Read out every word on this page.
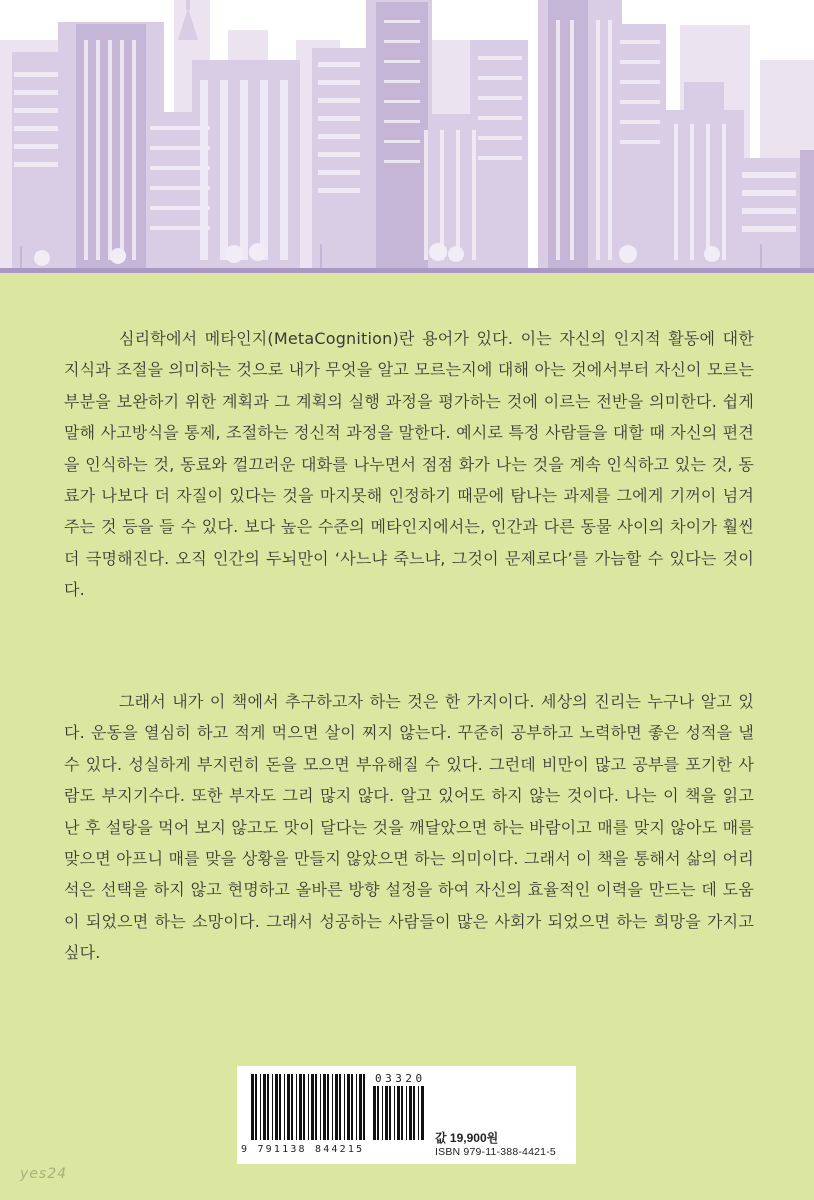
심리학에서 메타인지(MetaCognition)란 용어가 있다. 이는 자신의 인지적 활동에 대한 지식과 조절을 의미하는 것으로 내가 무엇을 알고 모르는지에 대해 아는 것에서부터 자신이 모르는 부분을 보완하기 위한 계획과 그 계획의 실행 과정을 평가하는 것에 이르는 전반을 의미한다. 쉽게 말해 사고방식을 통제, 조절하는 정신적 과정을 말한다. 예시로 특정 사람들을 대할 때 자신의 편견을 인식하는 것, 동료와 껄끄러운 대화를 나누면서 점점 화가 나는 것을 계속 인식하고 있는 것, 동료가 나보다 더 자질이 있다는 것을 마지못해 인정하기 때문에 탐나는 과제를 그에게 기꺼이 넘겨주는 것 등을 들 수 있다. 보다 높은 수준의 메타인지에서는, 인간과 다른 동물 사이의 차이가 훨씬 더 극명해진다. 오직 인간의 두뇌만이 ‘사느냐 죽느냐, 그것이 문제로다’를 가늠할 수 있다는 것이다.

그래서 내가 이 책에서 추구하고자 하는 것은 한 가지이다. 세상의 진리는 누구나 알고 있다. 운동을 열심히 하고 적게 먹으면 살이 찌지 않는다. 꾸준히 공부하고 노력하면 좋은 성적을 낼 수 있다. 성실하게 부지런히 돈을 모으면 부유해질 수 있다. 그런데 비만이 많고 공부를 포기한 사람도 부지기수다. 또한 부자도 그리 많지 않다. 알고 있어도 하지 않는 것이다. 나는 이 책을 읽고 난 후 설탕을 먹어 보지 않고도 맛이 달다는 것을 깨달았으면 하는 바람이고 매를 맞지 않아도 매를 맞으면 아프니 매를 맞을 상황을 만들지 않았으면 하는 의미이다. 그래서 이 책을 통해서 삶의 어리석은 선택을 하지 않고 현명하고 올바른 방향 설정을 하여 자신의 효율적인 이력을 만드는 데 도움이 되었으면 하는 소망이다. 그래서 성공하는 사람들이 많은 사회가 되었으면 하는 희망을 가지고 싶다.

03320
9 791138 844215
값 19,900원
ISBN 979-11-388-4421-5
yes24
